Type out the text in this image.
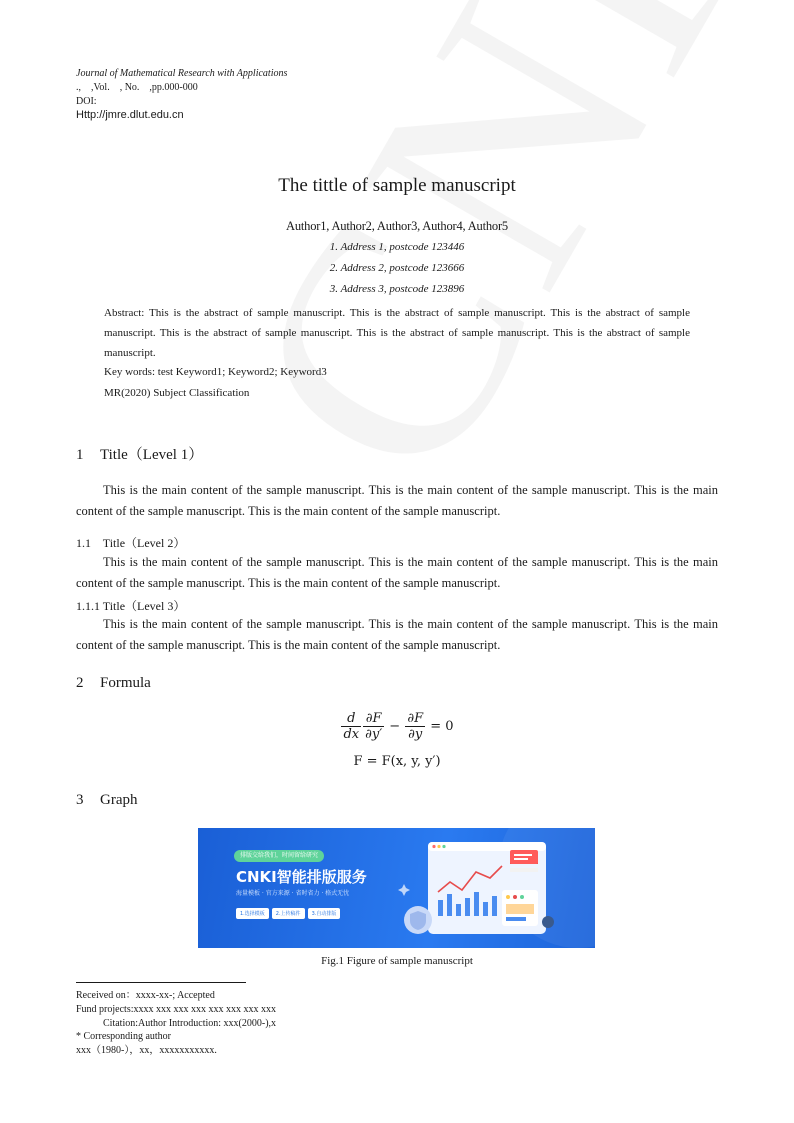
Journal of Mathematical Research with Applications
.,    ,Vol.    , No.    ,pp.000-000
DOI:
Http://jmre.dlut.edu.cn
The tittle of sample manuscript
Author1, Author2, Author3, Author4, Author5
1. Address 1, postcode 123446
2. Address 2, postcode 123666
3. Address 3, postcode 123896
Abstract: This is the abstract of sample manuscript. This is the abstract of sample manuscript. This is the abstract of sample manuscript. This is the abstract of sample manuscript. This is the abstract of sample manuscript. This is the abstract of sample manuscript.
Key words: test Keyword1; Keyword2; Keyword3
MR(2020) Subject Classification
1 Title（Level 1）
This is the main content of the sample manuscript. This is the main content of the sample manuscript. This is the main content of the sample manuscript. This is the main content of the sample manuscript.
1.1    Title（Level 2）
This is the main content of the sample manuscript. This is the main content of the sample manuscript. This is the main content of the sample manuscript. This is the main content of the sample manuscript.
1.1.1 Title（Level 3）
This is the main content of the sample manuscript. This is the main content of the sample manuscript. This is the main content of the sample manuscript. This is the main content of the sample manuscript.
2 Formula
$\frac{d}{dx} \frac{\partial F}{\partial y'} - \frac{\partial F}{\partial y} = 0$
F = F(x, y, y′)
3 Graph
排版交给我们，时间留给研究
CNKI智能排版服务
海量模板 · 官方来源 · 省时省力 · 格式无忧
1.选择模板	2.上传稿件	3.自动排版
Fig.1 Figure of sample manuscript
Received on：xxxx-xx-; Accepted
Fund projects:xxxx xxx xxx xxx xxx xxx xxx xxx
Citation:Author Introduction: xxx(2000-),x
* Corresponding author
xxx（1980-），xx，xxxxxxxxxxx.
